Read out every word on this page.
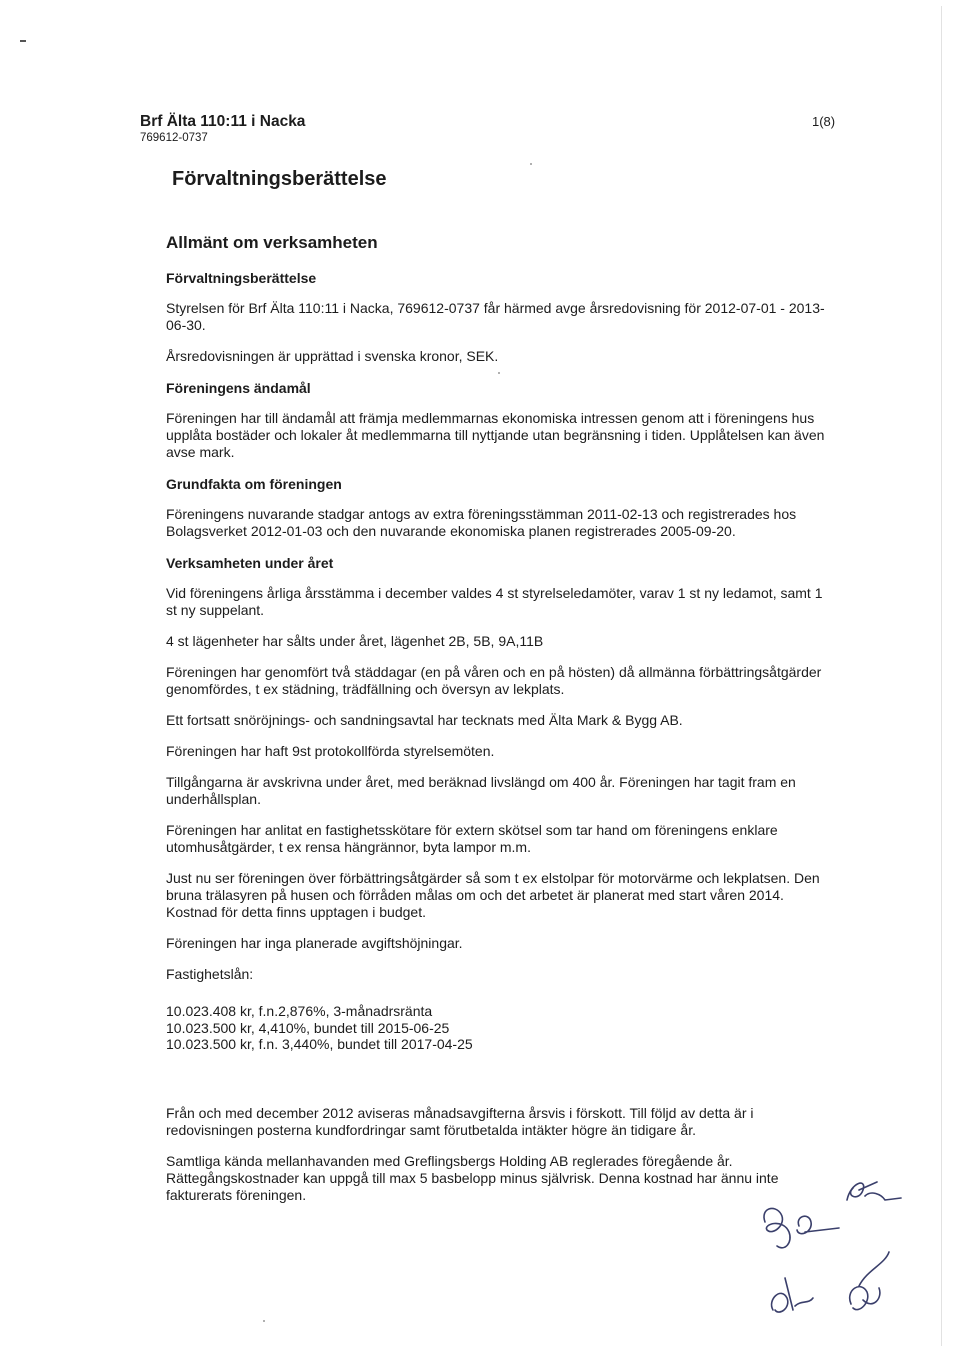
Brf Älta 110:11 i Nacka
769612-0737
1(8)
Förvaltningsberättelse
Allmänt om verksamheten
Förvaltningsberättelse

Styrelsen för Brf Älta 110:11 i Nacka, 769612-0737 får härmed avge årsredovisning för 2012-07-01 - 2013-06-30.

Årsredovisningen är upprättad i svenska kronor, SEK.

Föreningens ändamål

Föreningen har till ändamål att främja medlemmarnas ekonomiska intressen genom att i föreningens hus upplåta bostäder och lokaler åt medlemmarna till nyttjande utan begränsning i tiden. Upplåtelsen kan även avse mark.

Grundfakta om föreningen

Föreningens nuvarande stadgar antogs av extra föreningsstämman 2011-02-13 och registrerades hos Bolagsverket 2012-01-03 och den nuvarande ekonomiska planen registrerades 2005-09-20.

Verksamheten under året

Vid föreningens årliga årsstämma i december valdes 4 st styrelseledamöter, varav 1 st ny ledamot, samt 1 st ny suppelant.

4 st lägenheter har sålts under året, lägenhet 2B, 5B, 9A,11B

Föreningen har genomfört två städdagar (en på våren och en på hösten) då allmänna förbättringsåtgärder genomfördes, t ex städning, trädfällning och översyn av lekplats.

Ett fortsatt snöröjnings- och sandningsavtal har tecknats med Älta Mark & Bygg AB.

Föreningen har haft 9st protokollförda styrelsemöten.

Tillgångarna är avskrivna under året, med beräknad livslängd om 400 år. Föreningen har tagit fram en underhållsplan.

Föreningen har anlitat en fastighetsskötare för extern skötsel som tar hand om föreningens enklare utomhusåtgärder, t ex rensa hängrännor, byta lampor m.m.

Just nu ser föreningen över förbättringsåtgärder så som t ex elstolpar för motorvärme och lekplatsen. Den bruna trälasyren på husen och förråden målas om och det arbetet är planerat med start våren 2014. Kostnad för detta finns upptagen i budget.

Föreningen har inga planerade avgiftshöjningar.

Fastighetslån:

10.023.408 kr, f.n.2,876%, 3-månadrsränta
10.023.500 kr, 4,410%, bundet till 2015-06-25
10.023.500 kr, f.n. 3,440%, bundet till 2017-04-25

Från och med december 2012 aviseras månadsavgifterna årsvis i förskott. Till följd av detta är i redovisningen posterna kundfordringar samt förutbetalda intäkter högre än tidigare år.

Samtliga kända mellanhavanden med Greflingsbergs Holding AB reglerades föregående år. Rättegångskostnader kan uppgå till max 5 basbelopp minus självrisk. Denna kostnad har ännu inte fakturerats föreningen.
